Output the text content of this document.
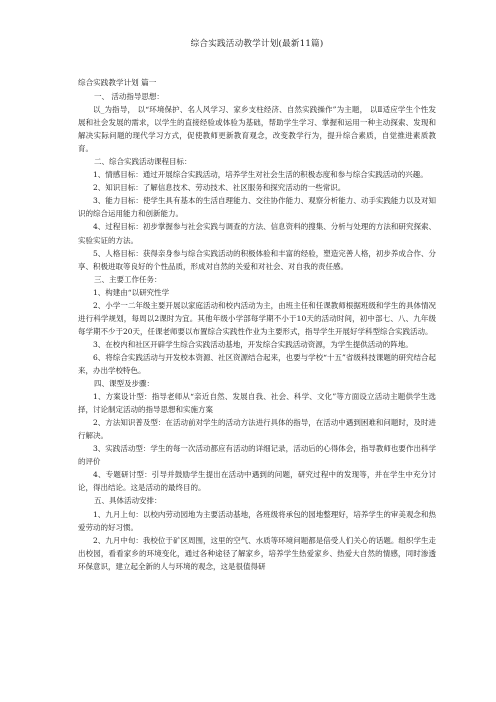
综合实践活动教学计划(最新11篇)
综合实践教学计划 篇一

一、 活动指导思想：

以_为指导， 以“环境保护、名人风学习、家乡支柱经济、自然实践操作”为主题， 以Ⅱ适应学生个性发展和社会发展的需求，以学生的直接经验或体验为基础，帮助学生学习、掌握和运用一种主动探索、发现和解决实际问题的现代学习方式，促使教师更新教育观念，改变教学行为，提升综合素质，自觉推进素质教育。

二、综合实践活动课程目标：

1、情感目标：通过开展综合实践活动，培养学生对社会生活的积极态度和参与综合实践活动的兴趣。

2、知识目标：了解信息技术、劳动技术、社区服务和探究活动的一些常识。

3、能力目标：使学生具有基本的生活自理能力、交往协作能力、观察分析能力、动手实践能力以及对知识的综合运用能力和创新能力。

4、过程目标：初步掌握参与社会实践与调查的方法、信息资料的搜集、分析与处理的方法和研究探索、实验实证的方法。

5、人格目标：获得亲身参与综合实践活动的积极体验和丰富的经验，塑造完善人格，初步养成合作、分享、积极进取等良好的个性品质，形成对自然的关爱和对社会、对自我的责任感。

三、主要工作任务：

1、构建由“以研究性学

2、小学一二年级主要开展以家庭活动和校内活动为主，由班主任和任课教师根据班级和学生的具体情况进行科学规划，每周以2课时为宜。其他年级小学部每学期不小于10天的活动时间，初中部七、八、九年级每学期不少于20天，任课老师要以布置综合实践性作业为主要形式，指导学生开展好学科型综合实践活动。

3、在校内和社区开辟学生综合实践活动基地，开发综合实践活动资源，为学生提供活动的阵地。

6、将综合实践活动与开发校本资源、社区资源结合起来，也要与学校“十五”省级科技课题的研究结合起来，办出学校特色。

四、课型及步骤：

1、方案设计型：指导老师从“亲近自然、发展自我、社会、科学、文化”等方面设立活动主题供学生选择，讨论制定活动的指导思想和实施方案

2、方法知识普及型：在活动前对学生的活动方法进行具体的指导，在活动中遇到困难和问题时，及时进行解决。

3、实践活动型：学生的每一次活动都应有活动的详细记录，活动后的心得体会，指导教师也要作出科学的评价

4、专题研讨型：引导并鼓励学生提出在活动中遇到的问题，研究过程中的发现等，并在学生中充分讨论，得出结论。这是活动的最终目的。

五、具体活动安排：

1、九月上旬：以校内劳动园地为主要活动基地，各班级将承包的园地整理好，培养学生的审美观念和热爱劳动的好习惯。

2、九月中旬：我校位于矿区周围，这里的空气、水质等环境问题都是倍受人们关心的话题。组织学生走出校园，看看家乡的环境变化，通过各种途径了解家乡，培养学生热爱家乡、热爱大自然的情感，同时渗透环保意识，建立起全新的人与环境的观念，这是很值得研
